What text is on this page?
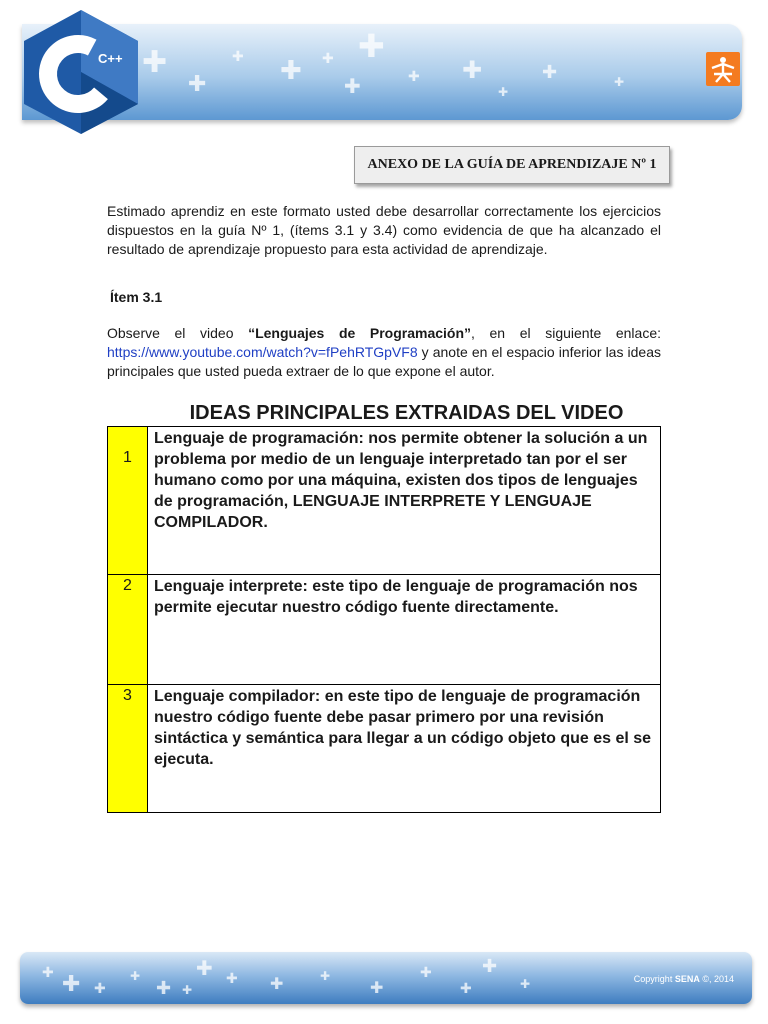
✚
✚
✚ ✚ ✚ ✚
✚	✚ ✚
✚
✚	✚
C++
ANEXO DE LA GUÍA DE APRENDIZAJE Nº 1
Estimado aprendiz en este formato usted debe desarrollar correctamente los ejercicios dispuestos en la guía Nº 1, (ítems 3.1 y 3.4) como evidencia de que ha alcanzado el resultado de aprendizaje propuesto para esta actividad de aprendizaje.
Ítem 3.1
Observe el video “Lenguajes de Programación”, en el siguiente enlace: https://www.youtube.com/watch?v=fPehRTGpVF8 y anote en el espacio inferior las ideas principales que usted pueda extraer de lo que expone el autor.
IDEAS PRINCIPALES EXTRAIDAS DEL VIDEO
1	Lenguaje de programación: nos permite obtener la solución a un problema por medio de un lenguaje interpretado tan por el ser humano como por una máquina, existen dos tipos de lenguajes de programación, LENGUAJE INTERPRETE Y LENGUAJE COMPILADOR.
2	Lenguaje interprete: este tipo de lenguaje de programación nos permite ejecutar nuestro código fuente directamente.
3	Lenguaje compilador: en este tipo de lenguaje de programación nuestro código fuente debe pasar primero por una revisión sintáctica y semántica para llegar a un código objeto que es el se ejecuta.
✚ ✚ ✚
✚
✚
✚
✚
✚ ✚	✚
✚
✚
✚
✚
✚	Copyright SENA ©, 2014
